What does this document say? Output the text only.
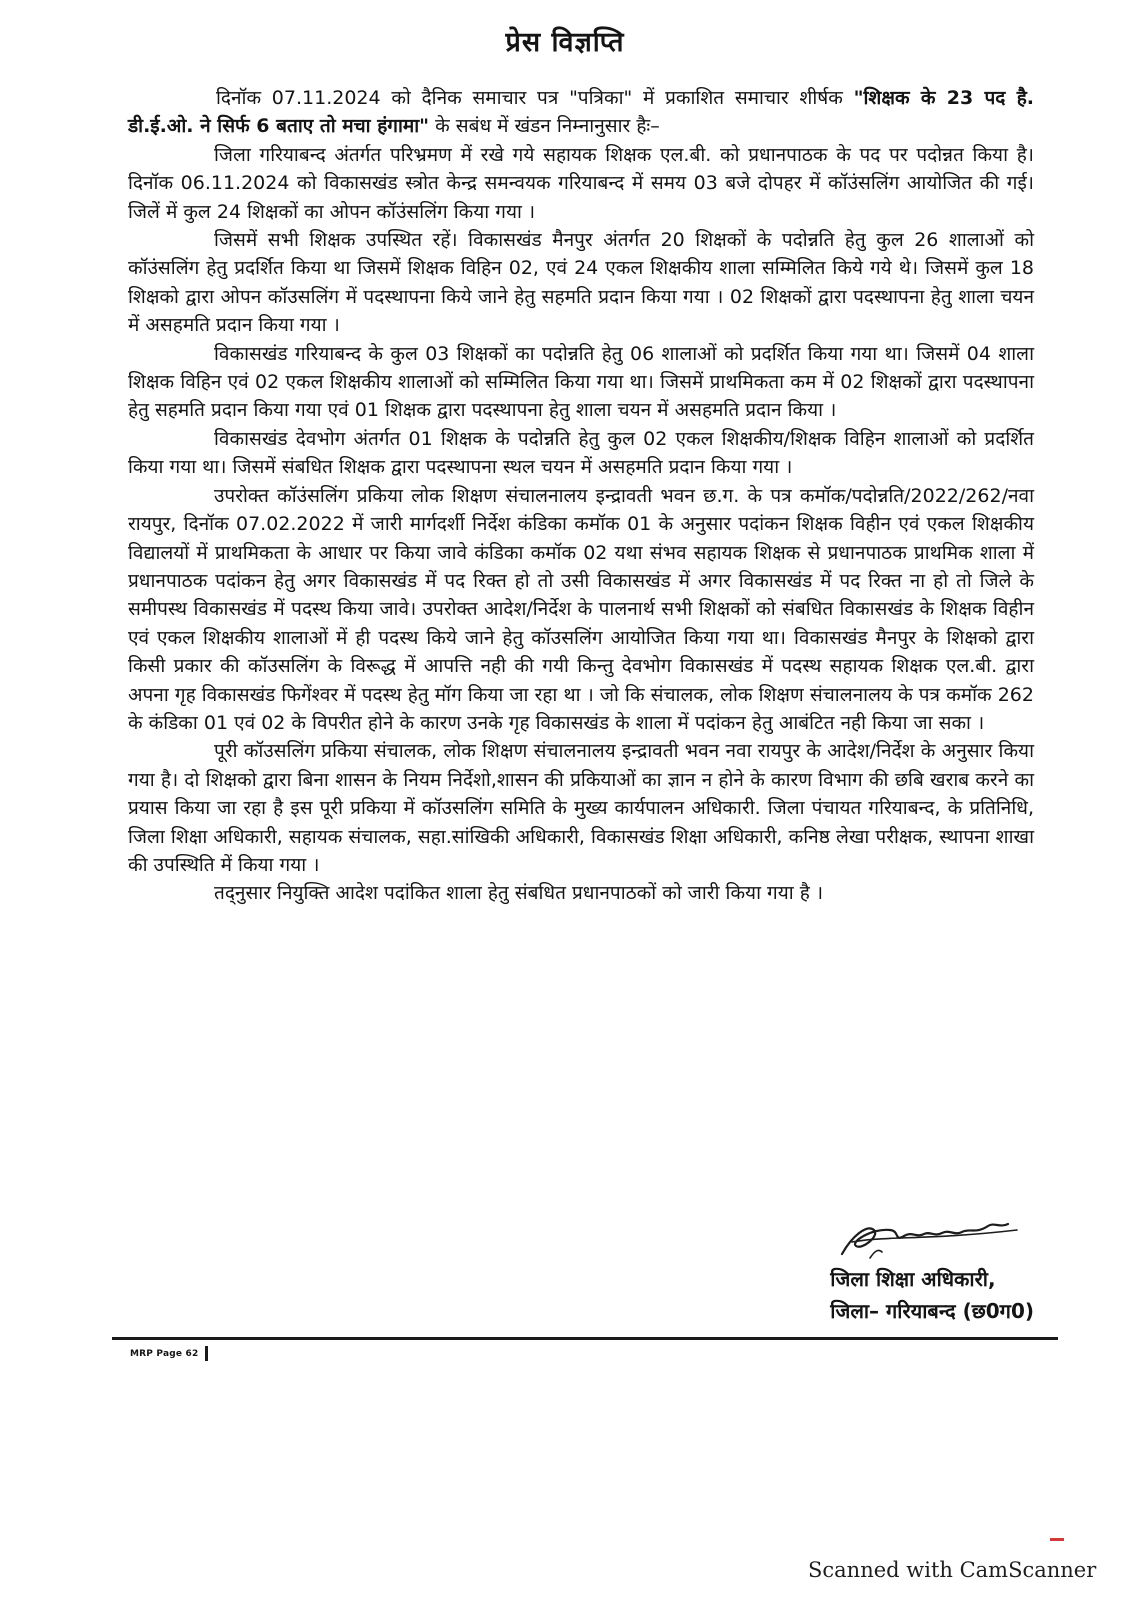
प्रेस विज्ञप्ति

दिनॉक 07.11.2024 को दैनिक समाचार पत्र "पत्रिका" में प्रकाशित समाचार शीर्षक "शिक्षक के 23 पद है. डी.ई.ओ. ने सिर्फ 6 बताए तो मचा हंगामा" के सबंध में खंडन निम्नानुसार हैः–

जिला गरियाबन्द अंतर्गत परिभ्रमण में रखे गये सहायक शिक्षक एल.बी. को प्रधानपाठक के पद पर पदोन्नत किया है। दिनॉक 06.11.2024 को विकासखंड स्त्रोत केन्द्र समन्वयक गरियाबन्द में समय 03 बजे दोपहर में कॉउंसलिंग आयोजित की गई। जिलें में कुल 24 शिक्षकों का ओपन कॉउंसलिंग किया गया ।

जिसमें सभी शिक्षक उपस्थित रहें। विकासखंड मैनपुर अंतर्गत 20 शिक्षकों के पदोन्नति हेतु कुल 26 शालाओं को कॉउंसलिंग हेतु प्रदर्शित किया था जिसमें शिक्षक विहिन 02, एवं 24 एकल शिक्षकीय शाला सम्मिलित किये गये थे। जिसमें कुल 18 शिक्षको द्वारा ओपन कॉउसलिंग में पदस्थापना किये जाने हेतु सहमति प्रदान किया गया । 02 शिक्षकों द्वारा पदस्थापना हेतु शाला चयन में असहमति प्रदान किया गया ।

विकासखंड गरियाबन्द के कुल 03 शिक्षकों का पदोन्नति हेतु 06 शालाओं को प्रदर्शित किया गया था। जिसमें 04 शाला शिक्षक विहिन एवं 02 एकल शिक्षकीय शालाओं को सम्मिलित किया गया था। जिसमें प्राथमिकता कम में 02 शिक्षकों द्वारा पदस्थापना हेतु सहमति प्रदान किया गया एवं 01 शिक्षक द्वारा पदस्थापना हेतु शाला चयन में असहमति प्रदान किया ।

विकासखंड देवभोग अंतर्गत 01 शिक्षक के पदोन्नति हेतु कुल 02 एकल शिक्षकीय/शिक्षक विहिन शालाओं को प्रदर्शित किया गया था। जिसमें संबधित शिक्षक द्वारा पदस्थापना स्थल चयन में असहमति प्रदान किया गया ।

उपरोक्त कॉउंसलिंग प्रकिया लोक शिक्षण संचालनालय इन्द्रावती भवन छ.ग. के पत्र कमॉक/पदोन्नति/2022/262/नवा रायपुर, दिनॉक 07.02.2022 में जारी मार्गदर्शी निर्देश कंडिका कमॉक 01 के अनुसार पदांकन शिक्षक विहीन एवं एकल शिक्षकीय विद्यालयों में प्राथमिकता के आधार पर किया जावे कंडिका कमॉक 02 यथा संभव सहायक शिक्षक से प्रधानपाठक प्राथमिक शाला में प्रधानपाठक पदांकन हेतु अगर विकासखंड में पद रिक्त हो तो उसी विकासखंड में अगर विकासखंड में पद रिक्त ना हो तो जिले के समीपस्थ विकासखंड में पदस्थ किया जावे। उपरोक्त आदेश/निर्देश के पालनार्थ सभी शिक्षकों को संबधित विकासखंड के शिक्षक विहीन एवं एकल शिक्षकीय शालाओं में ही पदस्थ किये जाने हेतु कॉउसलिंग आयोजित किया गया था। विकासखंड मैनपुर के शिक्षको द्वारा किसी प्रकार की कॉउसलिंग के विरूद्ध में आपत्ति नही की गयी किन्तु देवभोग विकासखंड में पदस्थ सहायक शिक्षक एल.बी. द्वारा अपना गृह विकासखंड फिगेंश्वर में पदस्थ हेतु मॉग किया जा रहा था । जो कि संचालक, लोक शिक्षण संचालनालय के पत्र कमॉक 262 के कंडिका 01 एवं 02 के विपरीत होने के कारण उनके गृह विकासखंड के शाला में पदांकन हेतु आबंटित नही किया जा सका ।

पूरी कॉउसलिंग प्रकिया संचालक, लोक शिक्षण संचालनालय इन्द्रावती भवन नवा रायपुर के आदेश/निर्देश के अनुसार किया गया है। दो शिक्षको द्वारा बिना शासन के नियम निर्देशो,शासन की प्रकियाओं का ज्ञान न होने के कारण विभाग की छबि खराब करने का प्रयास किया जा रहा है इस पूरी प्रकिया में कॉउसलिंग समिति के मुख्य कार्यपालन अधिकारी. जिला पंचायत गरियाबन्द, के प्रतिनिधि, जिला शिक्षा अधिकारी, सहायक संचालक, सहा.सांखिकी अधिकारी, विकासखंड शिक्षा अधिकारी, कनिष्ठ लेखा परीक्षक, स्थापना शाखा की उपस्थिति में किया गया ।

तद्नुसार नियुक्ति आदेश पदांकित शाला हेतु संबधित प्रधानपाठकों को जारी किया गया है ।

जिला शिक्षा अधिकारी,
जिला– गरियाबन्द (छ0ग0)
MRP Page 62
Scanned with CamScanner
